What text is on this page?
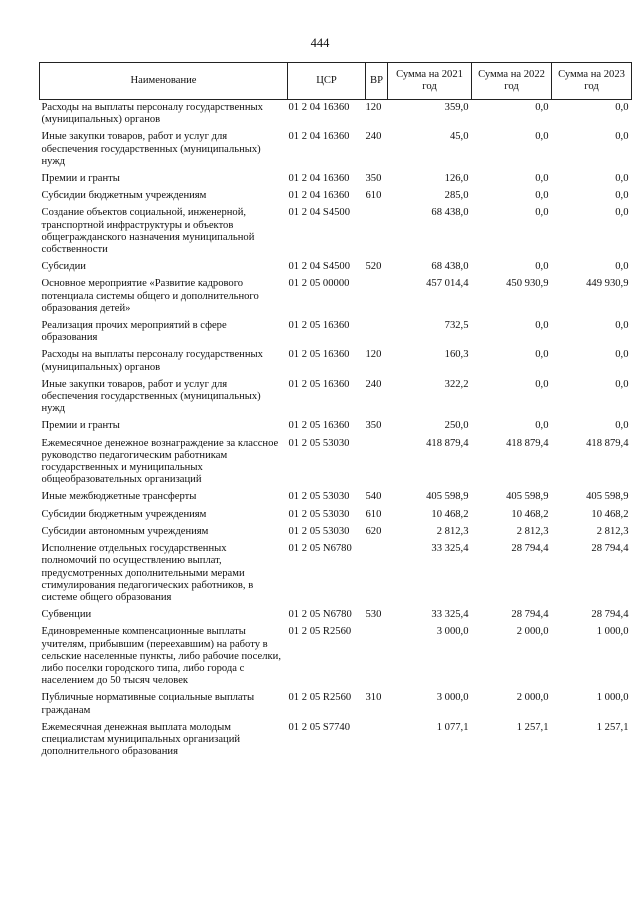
444
Наименование	ЦСР	ВР	Сумма на 2021 год	Сумма на 2022 год	Сумма на 2023 год
Расходы на выплаты персоналу государственных (муниципальных) органов	01 2 04 16360	120	359,0	0,0	0,0
Иные закупки товаров, работ и услуг для обеспечения государственных (муниципальных) нужд	01 2 04 16360	240	45,0	0,0	0,0
Премии и гранты	01 2 04 16360	350	126,0	0,0	0,0
Субсидии бюджетным учреждениям	01 2 04 16360	610	285,0	0,0	0,0
Создание объектов социальной, инженерной, транспортной инфраструктуры и объектов общегражданского назначения муниципальной собственности	01 2 04 S4500		68 438,0	0,0	0,0
Субсидии	01 2 04 S4500	520	68 438,0	0,0	0,0
Основное мероприятие «Развитие кадрового потенциала системы общего и дополнительного образования детей»	01 2 05 00000		457 014,4	450 930,9	449 930,9
Реализация прочих мероприятий в сфере образования	01 2 05 16360		732,5	0,0	0,0
Расходы на выплаты персоналу государственных (муниципальных) органов	01 2 05 16360	120	160,3	0,0	0,0
Иные закупки товаров, работ и услуг для обеспечения государственных (муниципальных) нужд	01 2 05 16360	240	322,2	0,0	0,0
Премии и гранты	01 2 05 16360	350	250,0	0,0	0,0
Ежемесячное денежное вознаграждение за классное руководство педагогическим работникам государственных и муниципальных общеобразовательных организаций	01 2 05 53030		418 879,4	418 879,4	418 879,4
Иные межбюджетные трансферты	01 2 05 53030	540	405 598,9	405 598,9	405 598,9
Субсидии бюджетным учреждениям	01 2 05 53030	610	10 468,2	10 468,2	10 468,2
Субсидии автономным учреждениям	01 2 05 53030	620	2 812,3	2 812,3	2 812,3
Исполнение отдельных государственных полномочий по осуществлению выплат, предусмотренных дополнительными мерами стимулирования педагогических работников, в системе общего образования	01 2 05 N6780		33 325,4	28 794,4	28 794,4
Субвенции	01 2 05 N6780	530	33 325,4	28 794,4	28 794,4
Единовременные компенсационные выплаты учителям, прибывшим (переехавшим) на работу в сельские населенные пункты, либо рабочие поселки, либо поселки городского типа, либо города с населением до 50 тысяч человек	01 2 05 R2560		3 000,0	2 000,0	1 000,0
Публичные нормативные социальные выплаты гражданам	01 2 05 R2560	310	3 000,0	2 000,0	1 000,0
Ежемесячная денежная выплата молодым специалистам муниципальных организаций дополнительного образования	01 2 05 S7740		1 077,1	1 257,1	1 257,1
